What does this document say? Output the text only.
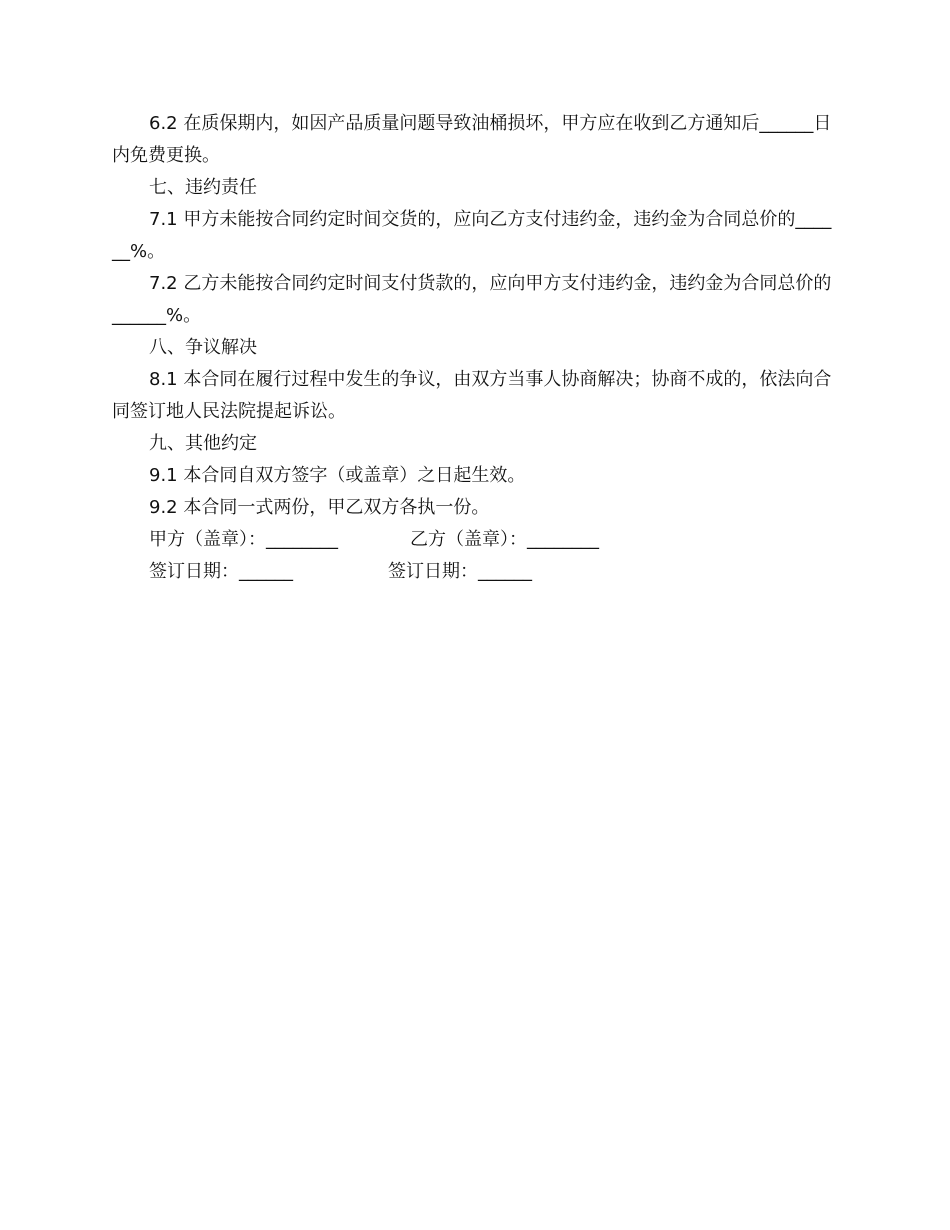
6.2 在质保期内，如因产品质量问题导致油桶损坏，甲方应在收到乙方通知后______日内免费更换。

七、违约责任

7.1 甲方未能按合同约定时间交货的，应向乙方支付违约金，违约金为合同总价的______%。

7.2 乙方未能按合同约定时间支付货款的，应向甲方支付违约金，违约金为合同总价的______%。

八、争议解决

8.1 本合同在履行过程中发生的争议，由双方当事人协商解决；协商不成的，依法向合同签订地人民法院提起诉讼。

九、其他约定

9.1 本合同自双方签字（或盖章）之日起生效。

9.2 本合同一式两份，甲乙双方各执一份。

甲方（盖章）：________

	乙方（盖章）：________

签订日期：______

	签订日期：______
